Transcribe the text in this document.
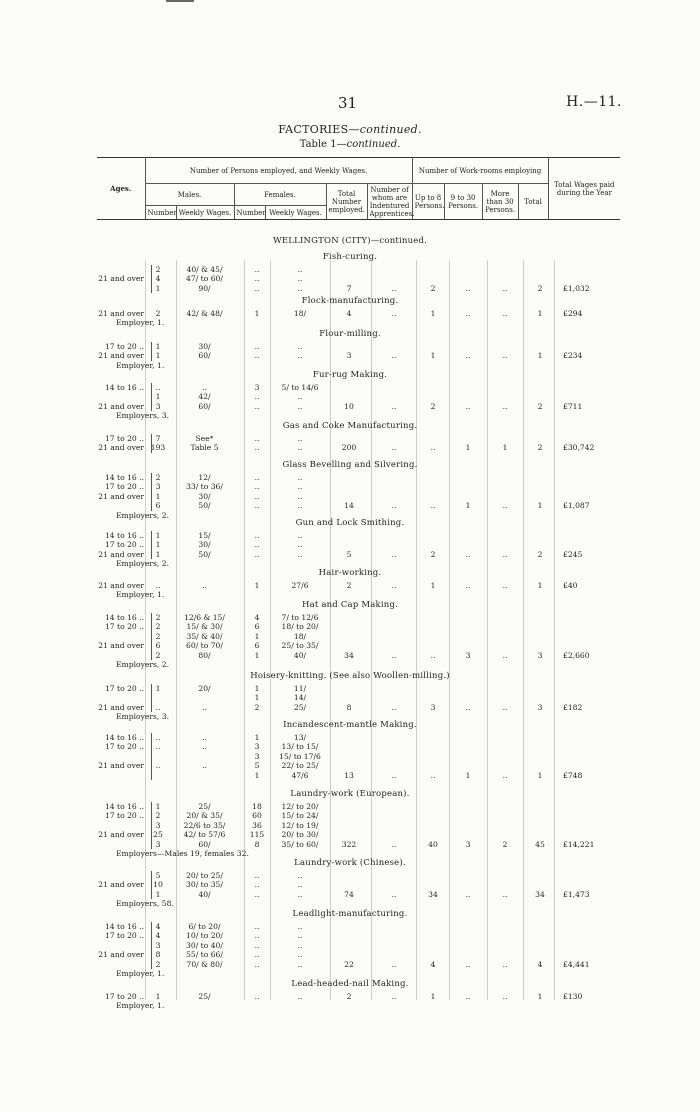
31	H.—11.
FACTORIES—continued.
Table 1—continued.
Ages.	Number of Persons employed, and Weekly Wages.						Number of Work-rooms employing				Total Wages paid during the Year
	Males.		Females.		Total Number employed.	Number of whom are Indentured Apprentices.	Up to 8 Persons.	9 to 30 Persons.	More than 30 Persons.	Total	
	Number	Weekly Wages.	Number	Weekly Wages.							
WELLINGTON (CITY)—continued.
Fish-curing.
2	40/ & 45/	..	..
21 and over	4	47/ to 60/	..	..
1	90/	..	..	7	..	2	..	..	2	£1,032
Flock-manufacturing.
21 and over	2	42/ & 48/	1	18/	4	..	1	..	..	1	£294
Employer, 1.
Flour-milling.
17 to 20 ..	1	30/	..	..
21 and over	1	60/	..	..	3	..	1	..	..	1	£234
Employer, 1.
Fur-rug Making.
14 to 16 ..	..	..	3	5/ to 14/6
1	42/	..	..
21 and over	3	60/	..	..	10	..	2	..	..	2	£711
Employers, 3.
Gas and Coke Manufacturing.
17 to 20 ..	7	See*	..	..
21 and over 193	Table 5	..	..	200	..	..	1	1	2	£30,742
Glass Bevelling and Silvering.
14 to 16 ..	2	12/	..	..
17 to 20 ..	3	33/ to 36/	..	..
21 and over	1	30/	..	..
6	50/	..	..	14	..	..	1	..	1	£1,087
Employers, 2.
Gun and Lock Smithing.
14 to 16 ..	1	15/	..	..
17 to 20 ..	1	30/	..	..
21 and over	1	50/	..	..	5	..	2	..	..	2	£245
Employers, 2.
Hair-working.
21 and over	..	..	1	27/6	2	..	1	..	..	1	£40
Employer, 1.
Hat and Cap Making.
14 to 16 ..	2	12/6 & 15/	4	7/ to 12/6
17 to 20 ..	2	15/ & 30/	6	18/ to 20/
2	35/ & 40/	1	18/
21 and over	6	60/ to 70/	6	25/ to 35/
2	80/	1	40/	34	..	..	3	..	3	£2,660
Employers, 2.
Hoisery-knitting. (See also Woollen-milling.)
17 to 20 ..	1	20/	1	11/
1	14/
21 and over	..	..	2	25/	8	..	3	..	..	3	£182
Employers, 3.
Incandescent-mantle Making.
14 to 16 ..	..	..	1	13/
17 to 20 ..	..	..	3	13/ to 15/
3	15/ to 17/6
21 and over	..	..	5	22/ to 25/
1	47/6	13	..	..	1	..	1	£748
Laundry-work (European).
14 to 16 ..	1	25/	18	12/ to 20/
17 to 20 ..	2	20/ & 35/	60	15/ to 24/
3	22/6 to 35/	36	12/ to 19/
21 and over	25	42/ to 57/6	115	20/ to 30/
3	60/	8	35/ to 60/	322	..	40	3	2	45	£14,221
Employers—Males 19, females 32.
Laundry-work (Chinese).
5	20/ to 25/	..	..
21 and over	10	30/ to 35/	..	..
1	40/	..	..	74	..	34	..	..	34	£1,473
Employers, 58.
Leadlight-manufacturing.
14 to 16 ..	4	6/ to 20/	..	..
17 to 20 ..	4	10/ to 20/	..	..
3	30/ to 40/	..	..
21 and over	8	55/ to 66/	..	..
2	70/ & 80/	..	..	22	..	4	..	..	4	£4,441
Employer, 1.
Lead-headed-nail Making.
17 to 20 ..	1	25/	..	..	2	..	1	..	..	1	£130
Employer, 1.
